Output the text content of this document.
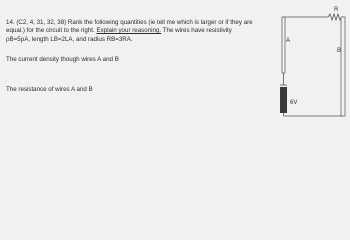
14. (C2, 4, 31, 32, 38) Rank the following quantities (ie tell me which is larger or if they are
equal.) for the circuit to the right. Explain your reasoning. The wires have resistivity
ρB=5ρA, length LB=2LA, and radius RB=3RA.
The current density though wires A and B
The resistance of wires A and B
R
A
B
6V
